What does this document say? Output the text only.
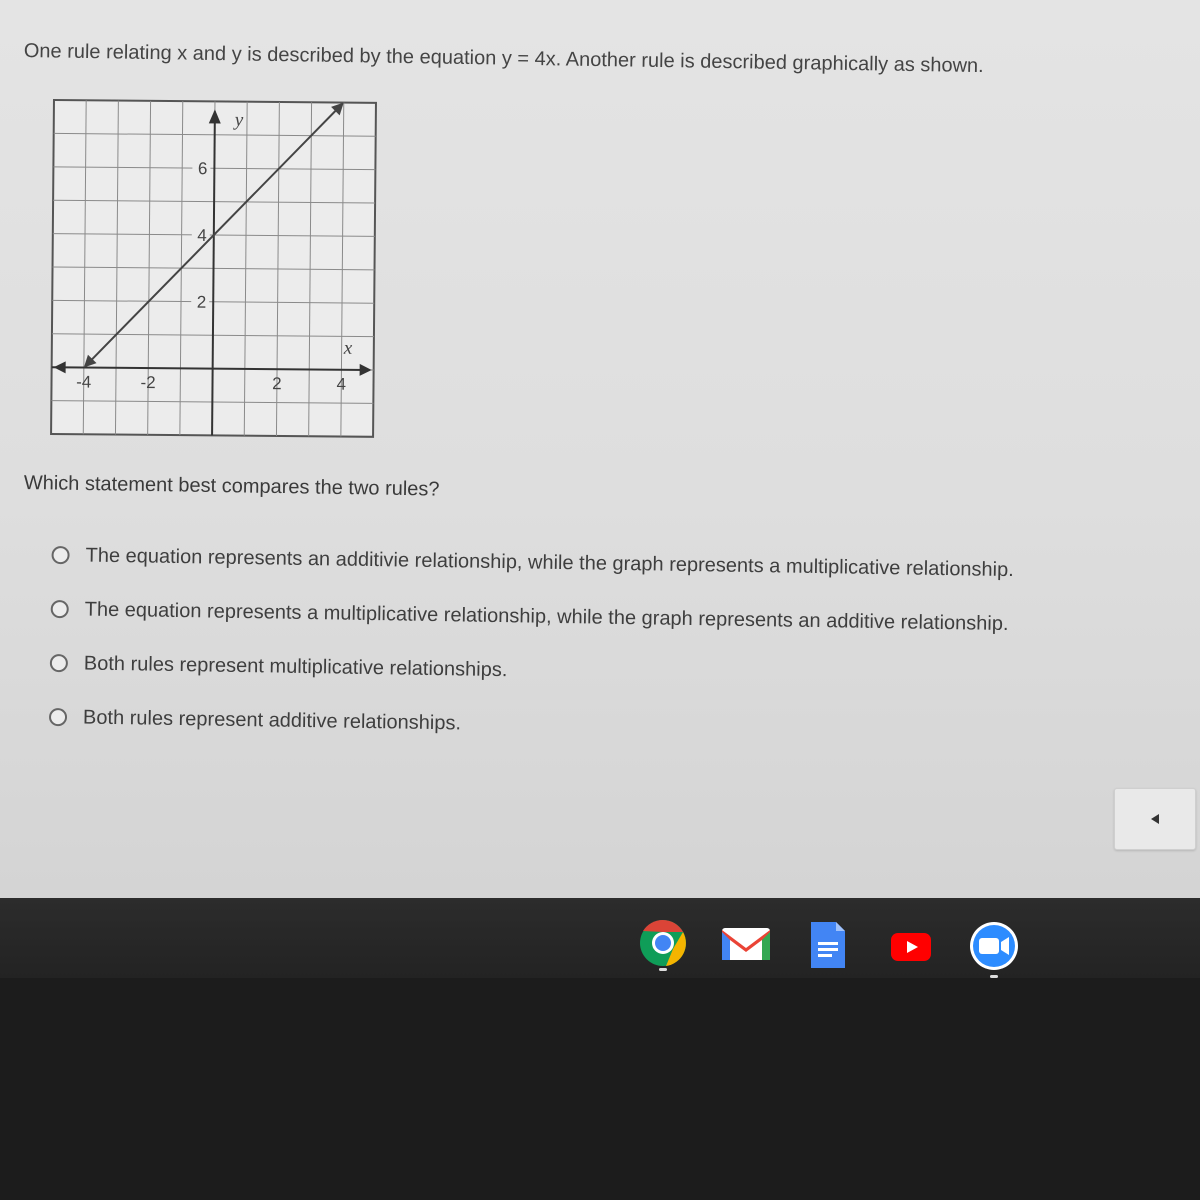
One rule relating x and y is described by the equation y = 4x. Another rule is described graphically as shown.

y
x
-4	-2	2	4
2
4
6

Which statement best compares the two rules?

The equation represents an additivie relationship, while the graph represents a multiplicative relationship.
The equation represents a multiplicative relationship, while the graph represents an additive relationship.
Both rules represent multiplicative relationships.
Both rules represent additive relationships.
